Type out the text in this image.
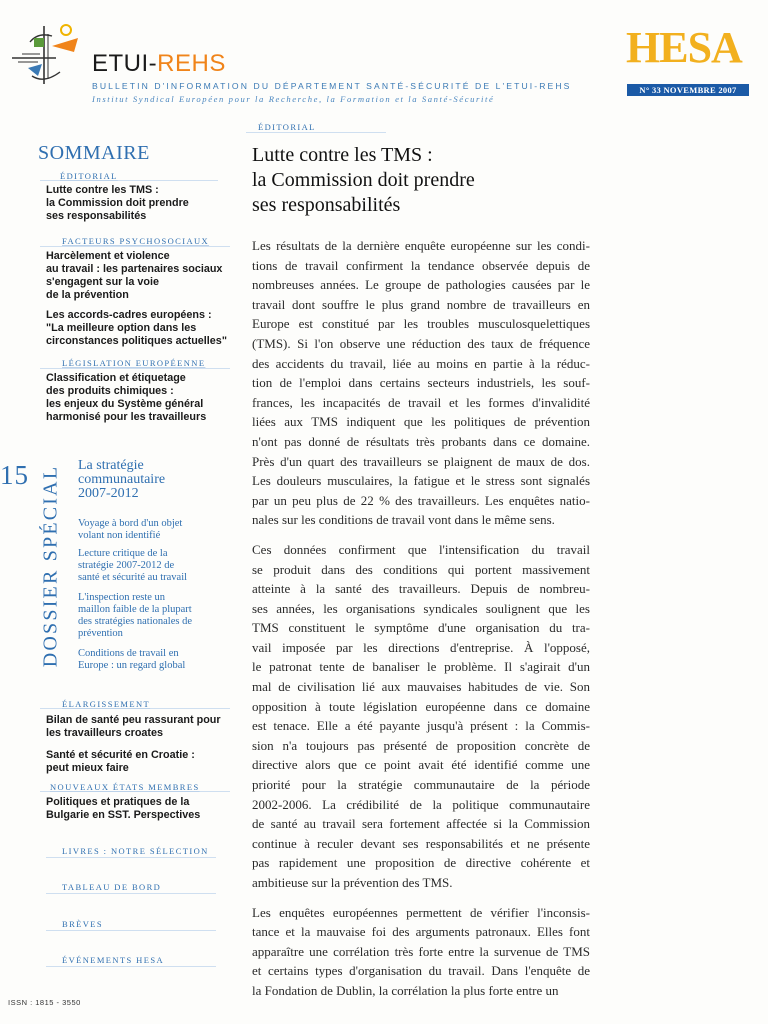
ETUI-REHS
BULLETIN D'INFORMATION DU DÉPARTEMENT SANTÉ-SÉCURITÉ DE L'ETUI-REHS
Institut Syndical Européen pour la Recherche, la Formation et la Santé-Sécurité
HESA
N° 33 NOVEMBRE 2007
SOMMAIRE
ÉDITORIAL
Lutte contre les TMS :
la Commission doit prendre
ses responsabilités
FACTEURS PSYCHOSOCIAUX
Harcèlement et violence
au travail : les partenaires sociaux
s'engagent sur la voie
de la prévention
Les accords-cadres européens :
"La meilleure option dans les
circonstances politiques actuelles"
LÉGISLATION EUROPÉENNE
Classification et étiquetage
des produits chimiques :
les enjeux du Système général
harmonisé pour les travailleurs
15 DOSSIER SPÉCIAL La stratégie
communautaire
2007-2012
Voyage à bord d'un objet
volant non identifié
Lecture critique de la
stratégie 2007-2012 de
santé et sécurité au travail
L'inspection reste un
maillon faible de la plupart
des stratégies nationales de
prévention
Conditions de travail en
Europe : un regard global
ÉLARGISSEMENT
Bilan de santé peu rassurant pour
les travailleurs croates
Santé et sécurité en Croatie :
peut mieux faire
NOUVEAUX ÉTATS MEMBRES
Politiques et pratiques de la
Bulgarie en SST. Perspectives
LIVRES : NOTRE SÉLECTION
TABLEAU DE BORD
BRÈVES
ÉVÉNEMENTS HESA
ISSN : 1815 - 3550
ÉDITORIAL
Lutte contre les TMS :
la Commission doit prendre
ses responsabilités
Les résultats de la dernière enquête européenne sur les condi-
tions de travail confirment la tendance observée depuis de
nombreuses années. Le groupe de pathologies causées par le
travail dont souffre le plus grand nombre de travailleurs en
Europe est constitué par les troubles musculosquelettiques
(TMS). Si l'on observe une réduction des taux de fréquence
des accidents du travail, liée au moins en partie à la réduc-
tion de l'emploi dans certains secteurs industriels, les souf-
frances, les incapacités de travail et les formes d'invalidité
liées aux TMS indiquent que les politiques de prévention
n'ont pas donné de résultats très probants dans ce domaine.
Près d'un quart des travailleurs se plaignent de maux de dos.
Les douleurs musculaires, la fatigue et le stress sont signalés
par un peu plus de 22 % des travailleurs. Les enquêtes natio-
nales sur les conditions de travail vont dans le même sens.
Ces données confirment que l'intensification du travail
se produit dans des conditions qui portent massivement
atteinte à la santé des travailleurs. Depuis de nombreu-
ses années, les organisations syndicales soulignent que les
TMS constituent le symptôme d'une organisation du tra-
vail imposée par les directions d'entreprise. À l'opposé,
le patronat tente de banaliser le problème. Il s'agirait d'un
mal de civilisation lié aux mauvaises habitudes de vie. Son
opposition à toute législation européenne dans ce domaine
est tenace. Elle a été payante jusqu'à présent : la Commis-
sion n'a toujours pas présenté de proposition concrète de
directive alors que ce point avait été identifié comme une
priorité pour la stratégie communautaire de la période
2002-2006. La crédibilité de la politique communautaire
de santé au travail sera fortement affectée si la Commission
continue à reculer devant ses responsabilités et ne présente
pas rapidement une proposition de directive cohérente et
ambitieuse sur la prévention des TMS.
Les enquêtes européennes permettent de vérifier l'inconsis-
tance et la mauvaise foi des arguments patronaux. Elles font
apparaître une corrélation très forte entre la survenue de TMS
et certains types d'organisation du travail. Dans l'enquête de
la Fondation de Dublin, la corrélation la plus forte entre un
